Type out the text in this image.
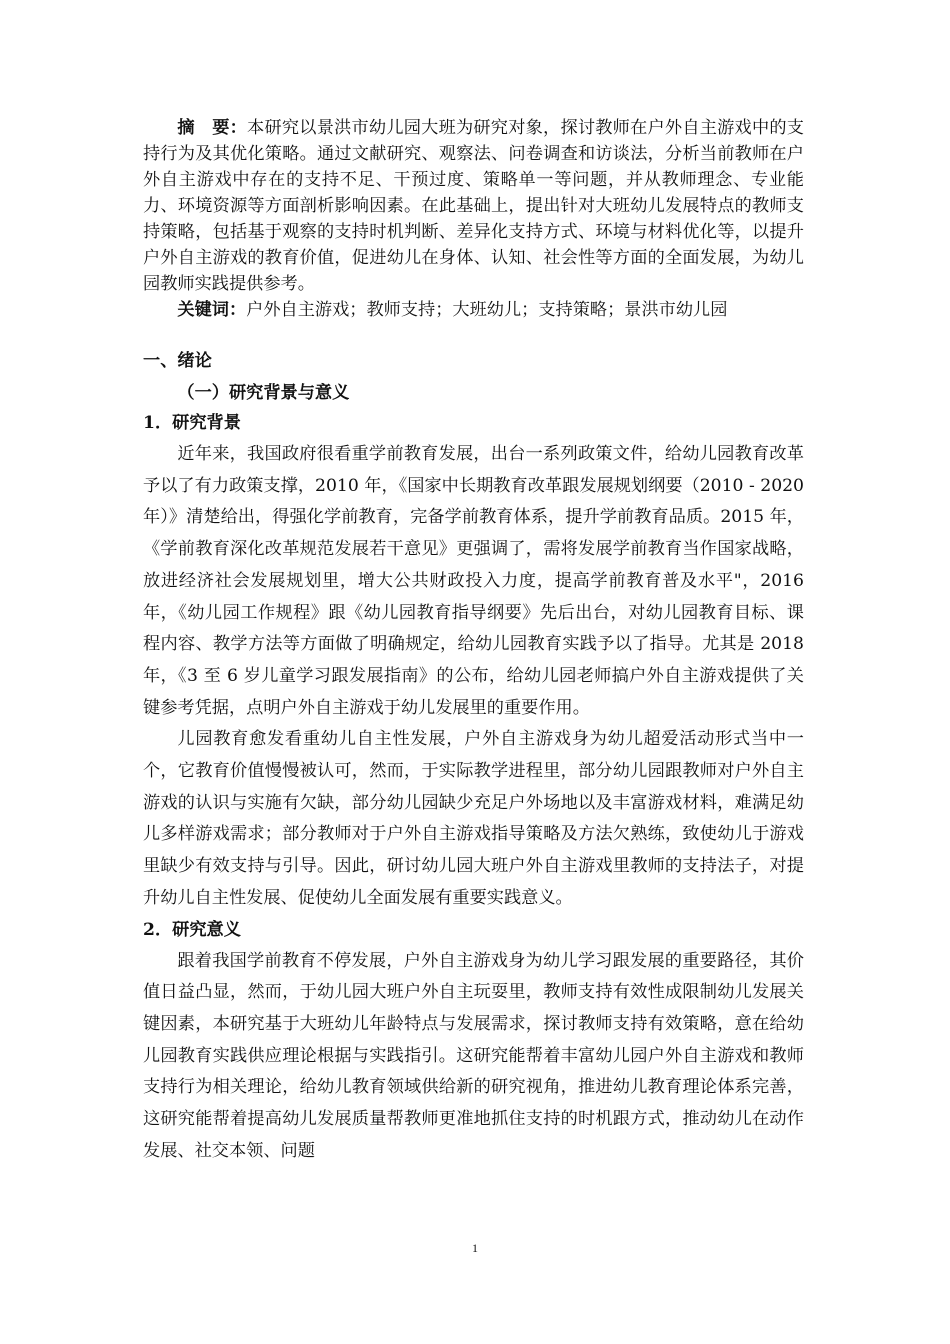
摘　要：本研究以景洪市幼儿园大班为研究对象，探讨教师在户外自主游戏中的支持行为及其优化策略。通过文献研究、观察法、问卷调查和访谈法，分析当前教师在户外自主游戏中存在的支持不足、干预过度、策略单一等问题，并从教师理念、专业能力、环境资源等方面剖析影响因素。在此基础上，提出针对大班幼儿发展特点的教师支持策略，包括基于观察的支持时机判断、差异化支持方式、环境与材料优化等，以提升户外自主游戏的教育价值，促进幼儿在身体、认知、社会性等方面的全面发展，为幼儿园教师实践提供参考。

关键词：户外自主游戏；教师支持；大班幼儿；支持策略；景洪市幼儿园

一、绪论

（一）研究背景与意义

1．研究背景

近年来，我国政府很看重学前教育发展，出台一系列政策文件，给幼儿园教育改革予以了有力政策支撑，2010 年，《国家中长期教育改革跟发展规划纲要（2010 - 2020 年）》清楚给出，得强化学前教育，完备学前教育体系，提升学前教育品质。2015 年，《学前教育深化改革规范发展若干意见》更强调了，需将发展学前教育当作国家战略，放进经济社会发展规划里，增大公共财政投入力度，提高学前教育普及水平"，2016 年，《幼儿园工作规程》跟《幼儿园教育指导纲要》先后出台，对幼儿园教育目标、课程内容、教学方法等方面做了明确规定，给幼儿园教育实践予以了指导。尤其是 2018 年，《3 至 6 岁儿童学习跟发展指南》的公布，给幼儿园老师搞户外自主游戏提供了关键参考凭据，点明户外自主游戏于幼儿发展里的重要作用。

儿园教育愈发看重幼儿自主性发展，户外自主游戏身为幼儿超爱活动形式当中一个，它教育价值慢慢被认可，然而，于实际教学进程里，部分幼儿园跟教师对户外自主游戏的认识与实施有欠缺，部分幼儿园缺少充足户外场地以及丰富游戏材料，难满足幼儿多样游戏需求；部分教师对于户外自主游戏指导策略及方法欠熟练，致使幼儿于游戏里缺少有效支持与引导。因此，研讨幼儿园大班户外自主游戏里教师的支持法子，对提升幼儿自主性发展、促使幼儿全面发展有重要实践意义。

2．研究意义

跟着我国学前教育不停发展，户外自主游戏身为幼儿学习跟发展的重要路径，其价值日益凸显，然而，于幼儿园大班户外自主玩耍里，教师支持有效性成限制幼儿发展关键因素，本研究基于大班幼儿年龄特点与发展需求，探讨教师支持有效策略，意在给幼儿园教育实践供应理论根据与实践指引。这研究能帮着丰富幼儿园户外自主游戏和教师支持行为相关理论，给幼儿教育领域供给新的研究视角，推进幼儿教育理论体系完善，这研究能帮着提高幼儿发展质量帮教师更准地抓住支持的时机跟方式，推动幼儿在动作发展、社交本领、问题

1
